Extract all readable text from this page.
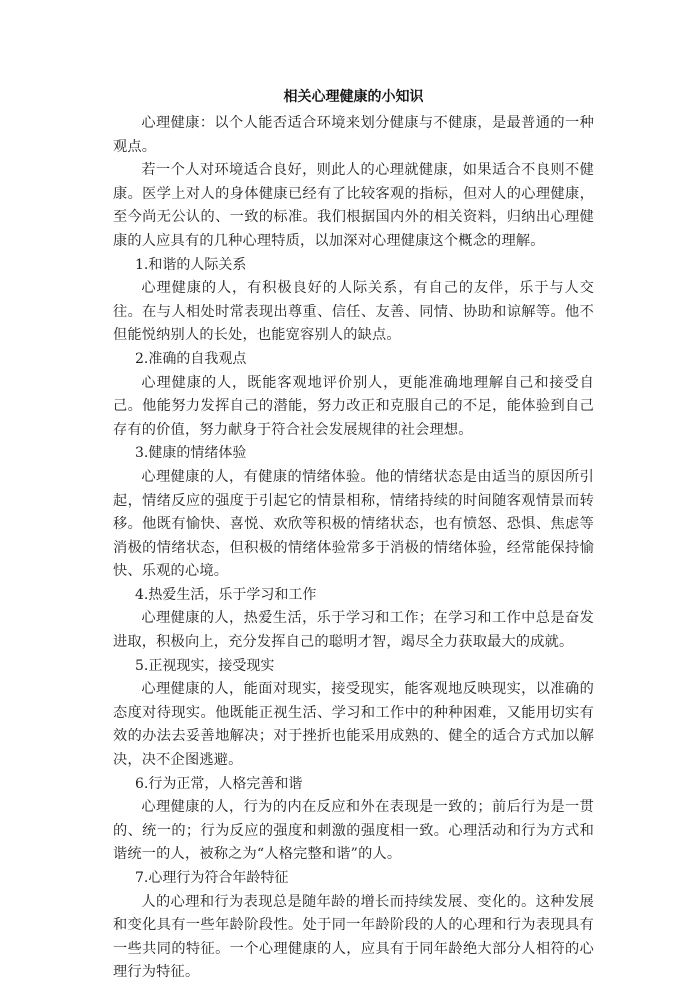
相关心理健康的小知识

心理健康：以个人能否适合环境来划分健康与不健康，是最普通的一种观点。

若一个人对环境适合良好，则此人的心理就健康，如果适合不良则不健康。医学上对人的身体健康已经有了比较客观的指标，但对人的心理健康，至今尚无公认的、一致的标准。我们根据国内外的相关资料，归纳出心理健康的人应具有的几种心理特质，以加深对心理健康这个概念的理解。

1.和谐的人际关系

心理健康的人，有积极良好的人际关系，有自己的友伴，乐于与人交往。在与人相处时常表现出尊重、信任、友善、同情、协助和谅解等。他不但能悦纳别人的长处，也能宽容别人的缺点。

2.准确的自我观点

心理健康的人，既能客观地评价别人，更能准确地理解自己和接受自己。他能努力发挥自己的潜能，努力改正和克服自己的不足，能体验到自己存有的价值，努力献身于符合社会发展规律的社会理想。

3.健康的情绪体验

心理健康的人，有健康的情绪体验。他的情绪状态是由适当的原因所引起，情绪反应的强度于引起它的情景相称，情绪持续的时间随客观情景而转移。他既有愉快、喜悦、欢欣等积极的情绪状态，也有愤怒、恐惧、焦虑等消极的情绪状态，但积极的情绪体验常多于消极的情绪体验，经常能保持愉快、乐观的心境。

4.热爱生活，乐于学习和工作

心理健康的人，热爱生活，乐于学习和工作；在学习和工作中总是奋发进取，积极向上，充分发挥自己的聪明才智，竭尽全力获取最大的成就。

5.正视现实，接受现实

心理健康的人，能面对现实，接受现实，能客观地反映现实，以准确的态度对待现实。他既能正视生活、学习和工作中的种种困难，又能用切实有效的办法去妥善地解决；对于挫折也能采用成熟的、健全的适合方式加以解决，决不企图逃避。

6.行为正常，人格完善和谐

心理健康的人，行为的内在反应和外在表现是一致的；前后行为是一贯的、统一的；行为反应的强度和刺激的强度相一致。心理活动和行为方式和谐统一的人，被称之为“人格完整和谐”的人。

7.心理行为符合年龄特征

人的心理和行为表现总是随年龄的增长而持续发展、变化的。这种发展和变化具有一些年龄阶段性。处于同一年龄阶段的人的心理和行为表现具有一些共同的特征。一个心理健康的人，应具有于同年龄绝大部分人相符的心理行为特征。
